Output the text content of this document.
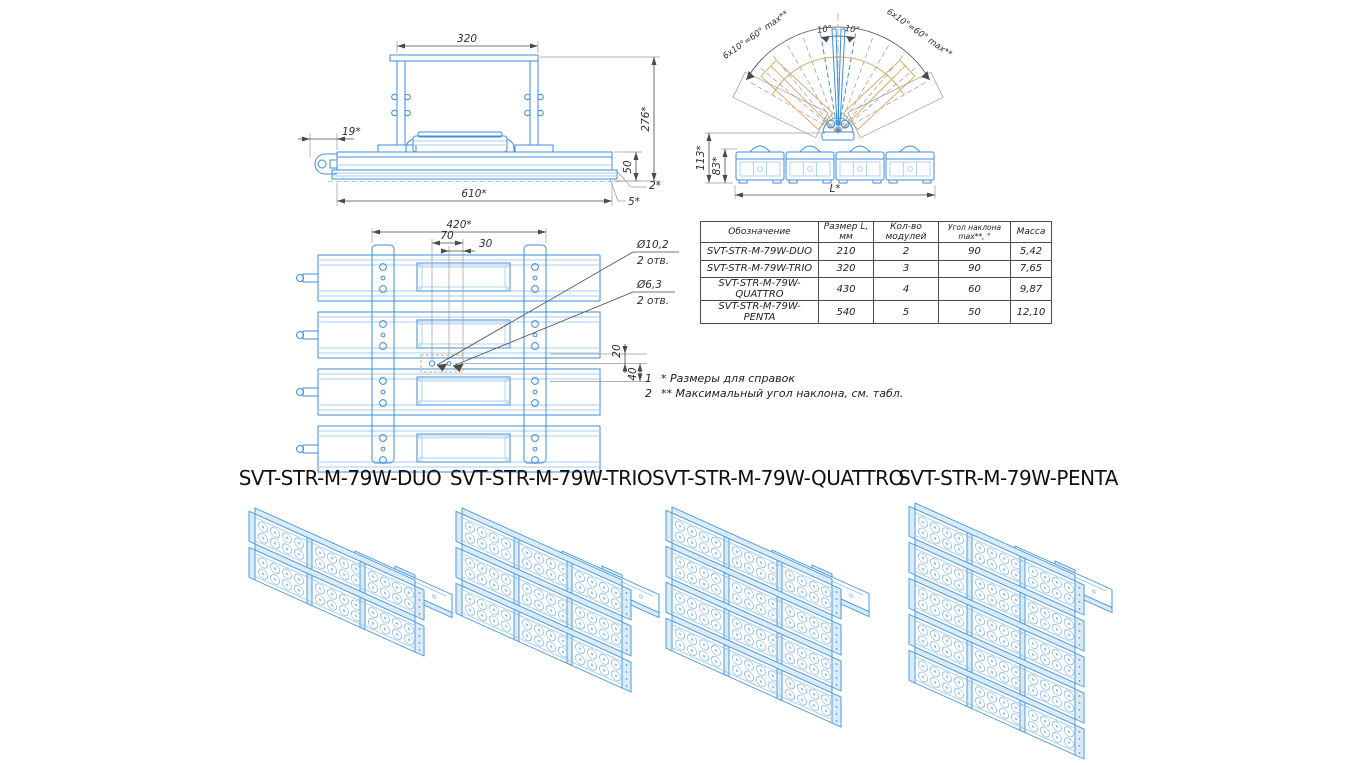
320
276*
19*
610*
50
2*
5*
6x10°=60° max**	6x10°=60° max**
10° 10°
113* 83*
L*
420*
70
30	Ø10,2
2 отв.
Ø6,3
2 отв.
20
40
Обозначение	Размер L, мм	Кол-во модулей	Угол наклона max**, °	Масса
SVT-STR-M-79W-DUO	210	2	90	5,42
SVT-STR-M-79W-TRIO	320	3	90	7,65
SVT-STR-M-79W-QUATTRO	430	4	60	9,87
SVT-STR-M-79W-PENTA	540	5	50	12,10
1 * Размеры для справок
2 ** Максимальный угол наклона, см. табл.
SVT-STR-M-79W-DUO SVT-STR-M-79W-TRIO SVT-STR-M-79W-QUATTRO
SVT-STR-M-79W-PENTA
